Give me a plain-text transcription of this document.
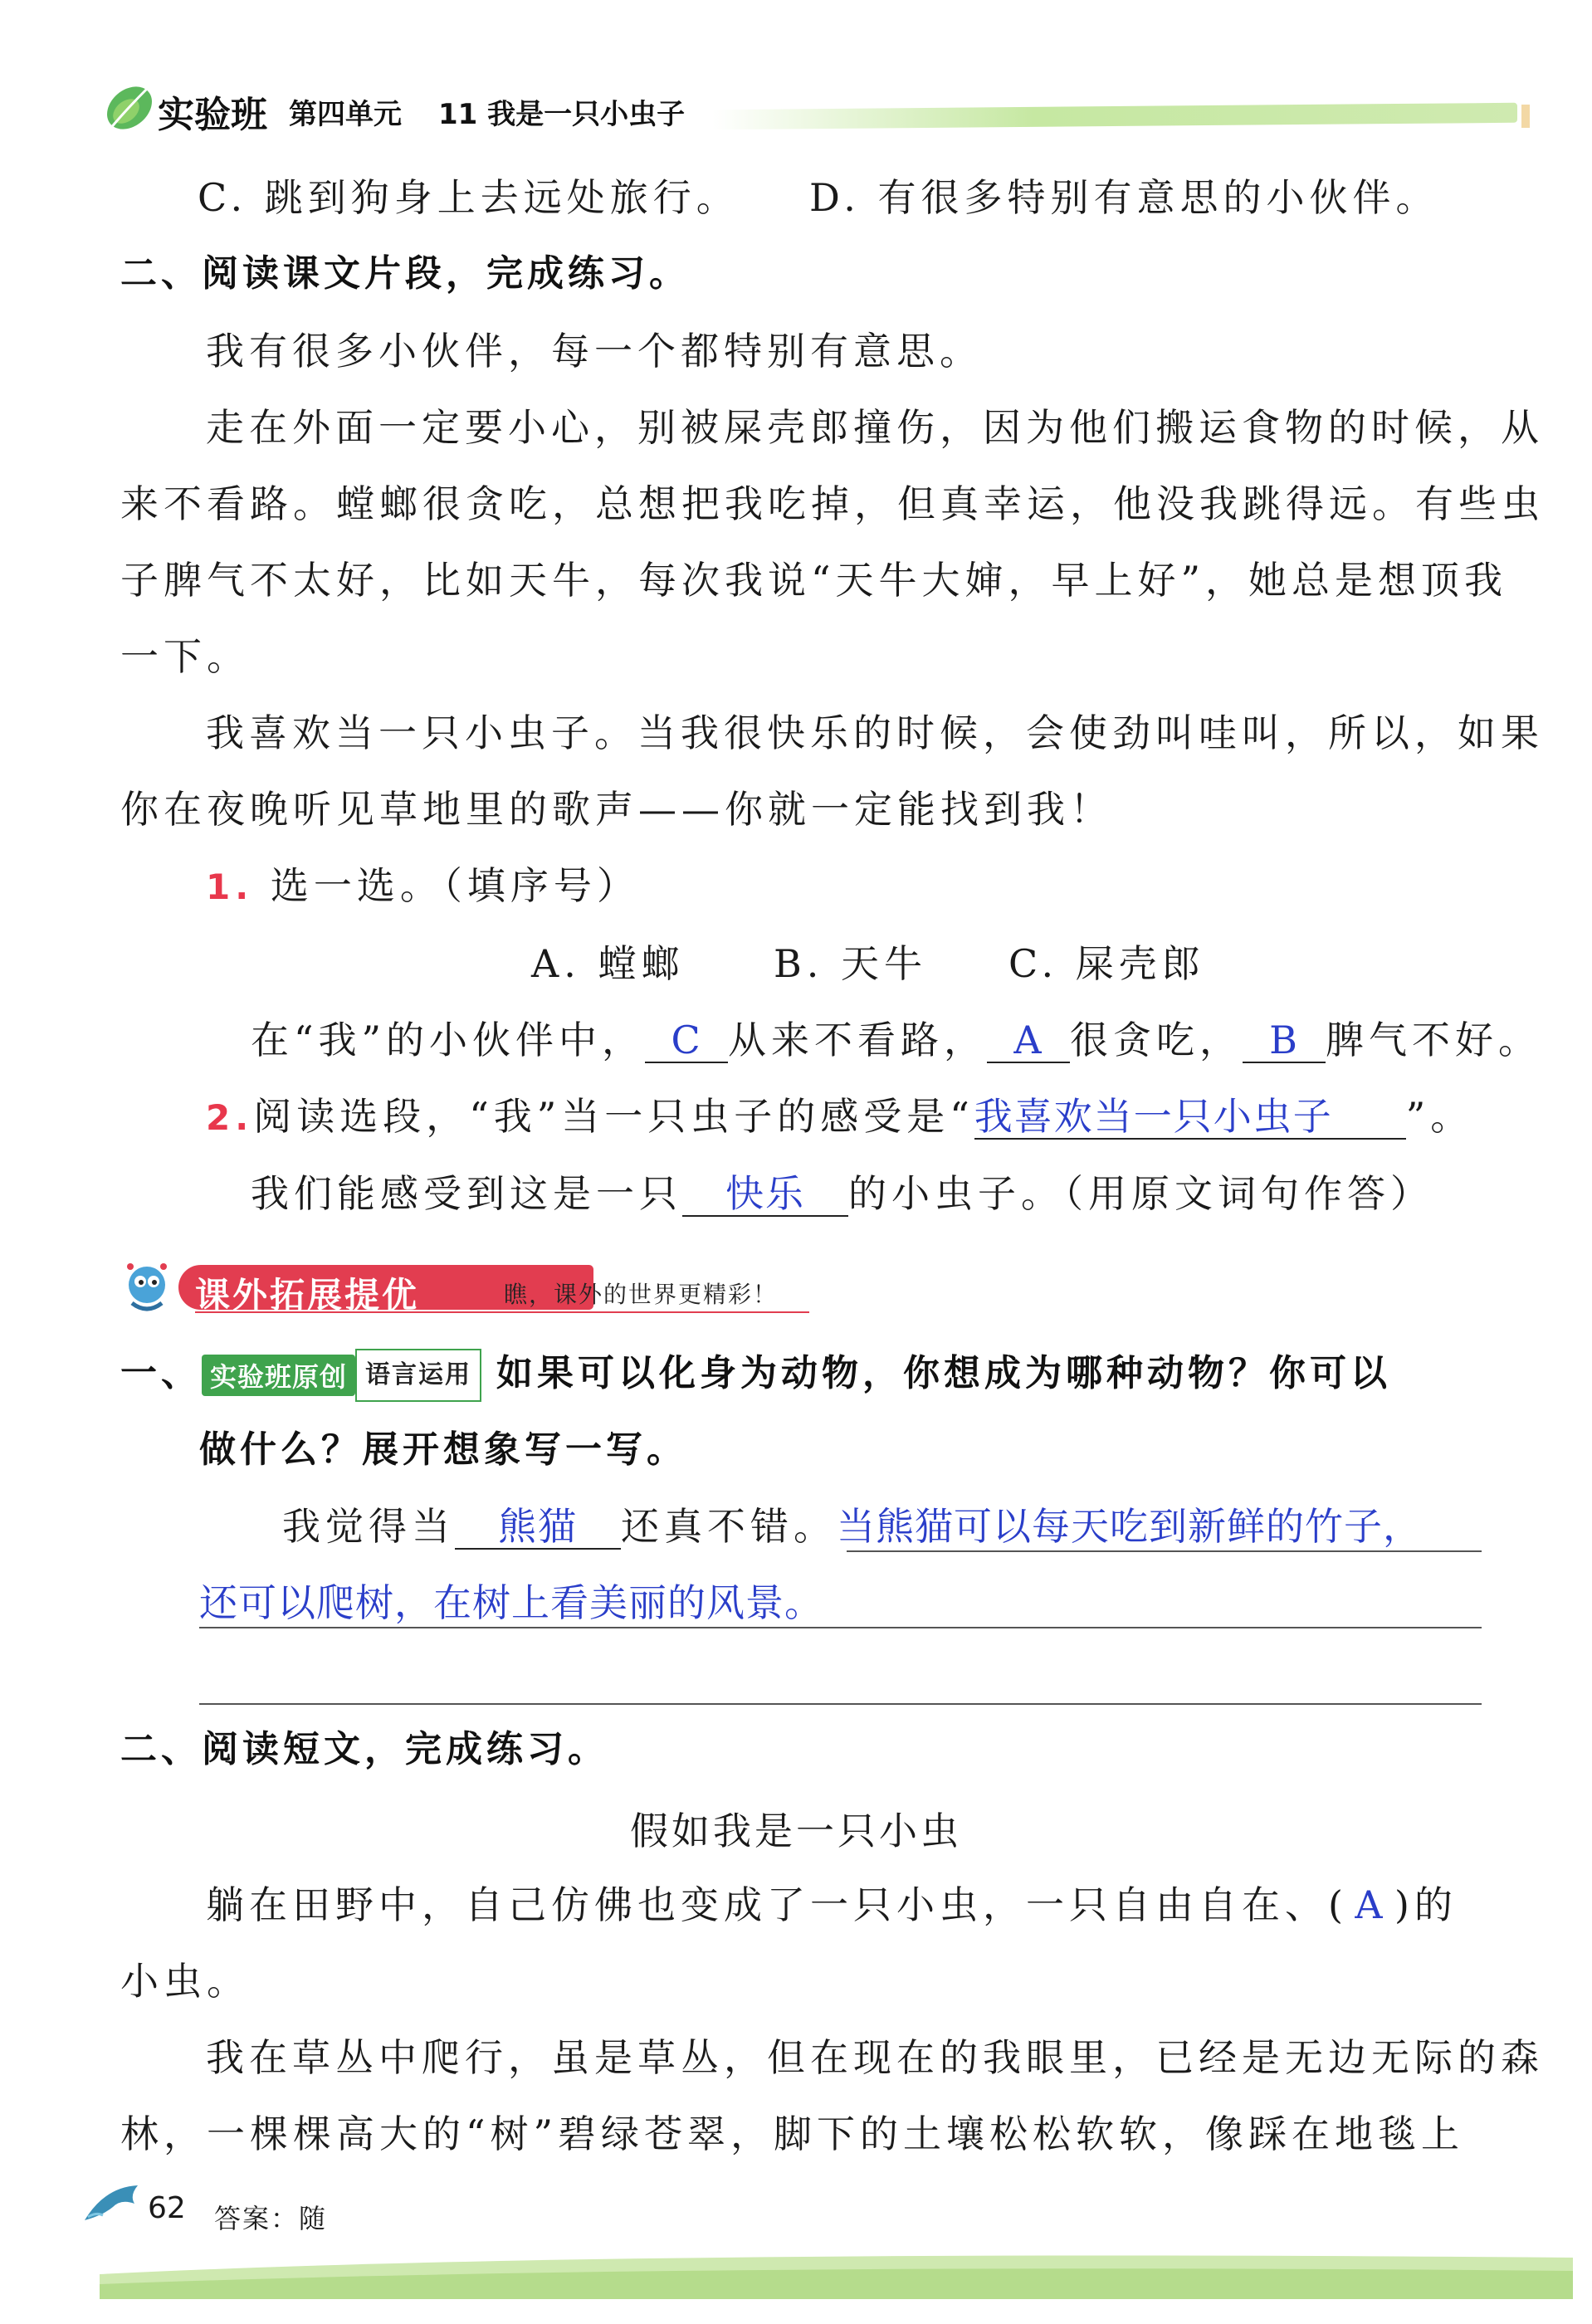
实验班 第四单元 11 我是一只小虫子
C. 跳到狗身上去远处旅行。 D. 有很多特别有意思的小伙伴。
二、阅读课文片段，完成练习。
我有很多小伙伴，每一个都特别有意思。
走在外面一定要小心，别被屎壳郎撞伤，因为他们搬运食物的时候，从
来不看路。螳螂很贪吃，总想把我吃掉，但真幸运，他没我跳得远。有些虫
子脾气不太好，比如天牛，每次我说“天牛大婶，早上好”，她总是想顶我
一下。
我喜欢当一只小虫子。当我很快乐的时候，会使劲叫哇叫，所以，如果
你在夜晚听见草地里的歌声——你就一定能找到我！
1. 选一选。（填序号）
A. 螳螂 B. 天牛 C. 屎壳郎
在“我”的小伙伴中， C 从来不看路， A 很贪吃， B 脾气不好。
2.阅读选段，“我”当一只虫子的感受是“我喜欢当一只小虫子 ”。
我们能感受到这是一只 快乐 的小虫子。（用原文词句作答）
课外拓展提优	瞧，课外的世界更精彩！
一、 实验班原创 语言运用 如果可以化身为动物，你想成为哪种动物？你可以
做什么？展开想象写一写。
我觉得当 熊猫 还真不错。当熊猫可以每天吃到新鲜的竹子，
还可以爬树，在树上看美丽的风景。
二、阅读短文，完成练习。
假如我是一只小虫
躺在田野中，自己仿佛也变成了一只小虫，一只自由自在、( A )的
小虫。
我在草丛中爬行，虽是草丛，但在现在的我眼里，已经是无边无际的森
林，一棵棵高大的“树”碧绿苍翠，脚下的土壤松松软软，像踩在地毯上
62 答案：随
